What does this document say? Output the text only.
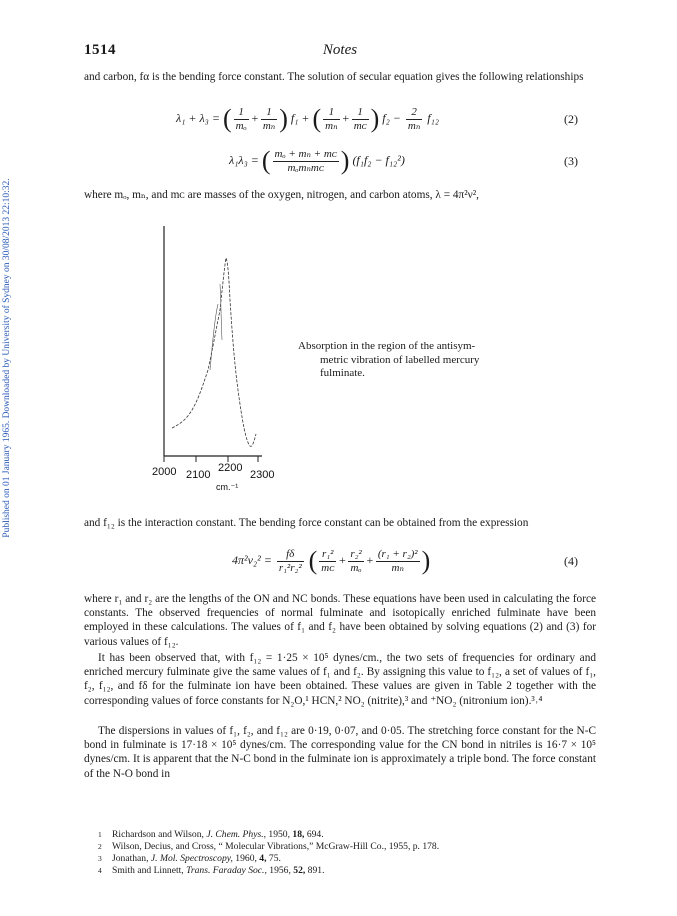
Published on 01 January 1965. Downloaded by University of Sydney on 30/08/2013 22:10:32.
1514	Notes

and carbon, fα is the bending force constant. The solution of secular equation gives the following relationships

λ₁ + λ₃ = ( $\frac{1}{\text{mₒ}} + \frac{1}{\text{mₙ}}$ ) f₁ + ( $\frac{1}{\text{mₙ}} + \frac{1}{\text{mᴄ}}$ ) $f_2 - \frac{2}{\text{mₙ}} f_{12}$	(2)
λ₁λ₃ = ( $\frac{\text{mₒ + mₙ + mᴄ}}{\text{mₒmₙmᴄ}}$ ) (f₁f₂ − f₁₂²)	(3)

where mₒ, mₙ, and mᴄ are masses of the oxygen, nitrogen, and carbon atoms, λ = 4π²ν²,

2000 2100
2200
2300
cm.⁻¹

Absorption in the region of the antisym-
metric vibration of labelled mercury
fulminate.

and f₁₂ is the interaction constant. The bending force constant can be obtained from the expression

$4\pi^2\nu_2^2 = \frac{f\delta}{\text{r₁²r₂²}}$ ( $\frac{\text{r₁²}}{\text{mᴄ}} + \frac{\text{r₂²}}{\text{mₒ}} + \frac{\text{(r₁ + r₂)²}}{\text{mₙ}}$ )	(4)

where r₁ and r₂ are the lengths of the ON and NC bonds. These equations have been used in calculating the force constants. The observed frequencies of normal fulminate and isotopically enriched fulminate have been employed in these calculations. The values of f₁ and f₂ have been obtained by solving equations (2) and (3) for various values of f₁₂.

It has been observed that, with f₁₂ = 1·25 × 10⁵ dynes/cm., the two sets of frequencies for ordinary and enriched mercury fulminate give the same values of f₁ and f₂. By assigning this value to f₁₂, a set of values of f₁, f₂, f₁₂, and fδ for the fulminate ion have been obtained. These values are given in Table 2 together with the corresponding values of force constants for N₂O,¹ HCN,² NO₂ (nitrite),³ and ⁺NO₂ (nitronium ion).³˒⁴

The dispersions in values of f₁, f₂, and f₁₂ are 0·19, 0·07, and 0·05. The stretching force constant for the N-C bond in fulminate is 17·18 × 10⁵ dynes/cm. The corresponding value for the CN bond in nitriles is 16·7 × 10⁵ dynes/cm. It is apparent that the N-C bond in the fulminate ion is approximately a triple bond. The force constant of the N-O bond in

1 Richardson and Wilson, J. Chem. Phys., 1950, 18, 694.
2 Wilson, Decius, and Cross, “ Molecular Vibrations,” McGraw-Hill Co., 1955, p. 178.
3 Jonathan, J. Mol. Spectroscopy, 1960, 4, 75.
4 Smith and Linnett, Trans. Faraday Soc., 1956, 52, 891.
